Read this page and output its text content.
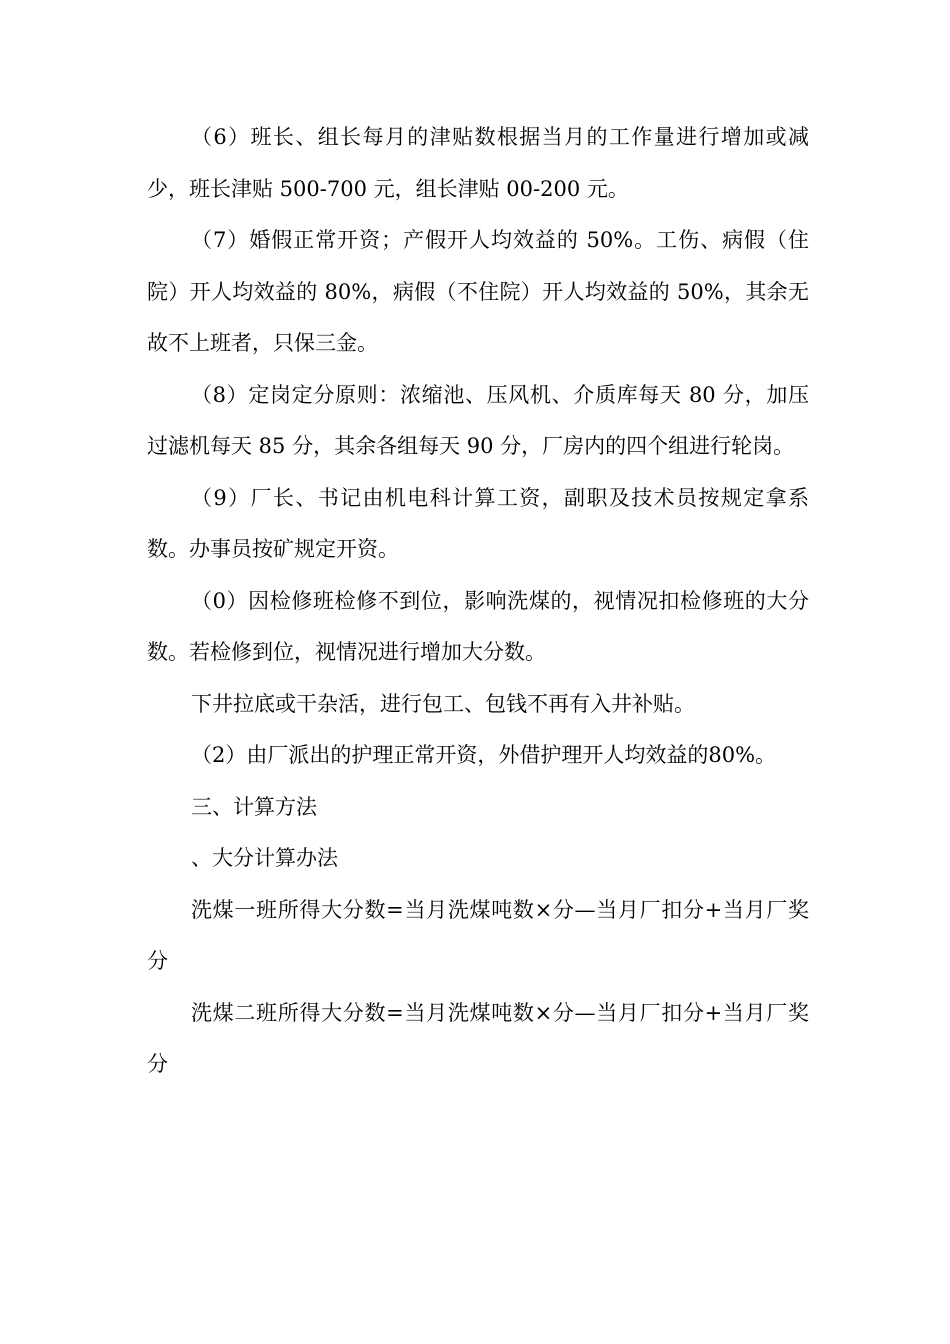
（6）班长、组长每月的津贴数根据当月的工作量进行增加或减少，班长津贴 500-700 元，组长津贴 00-200 元。

（7）婚假正常开资；产假开人均效益的 50%。工伤、病假（住院）开人均效益的 80%，病假（不住院）开人均效益的 50%，其余无故不上班者，只保三金。

（8）定岗定分原则：浓缩池、压风机、介质库每天 80 分，加压过滤机每天 85 分，其余各组每天 90 分，厂房内的四个组进行轮岗。

（9）厂长、书记由机电科计算工资，副职及技术员按规定拿系数。办事员按矿规定开资。

（0）因检修班检修不到位，影响洗煤的，视情况扣检修班的大分数。若检修到位，视情况进行增加大分数。

下井拉底或干杂活，进行包工、包钱不再有入井补贴。

（2）由厂派出的护理正常开资，外借护理开人均效益的80%。

三、计算方法

、大分计算办法

洗煤一班所得大分数=当月洗煤吨数×分—当月厂扣分+当月厂奖分

洗煤二班所得大分数=当月洗煤吨数×分—当月厂扣分+当月厂奖分
